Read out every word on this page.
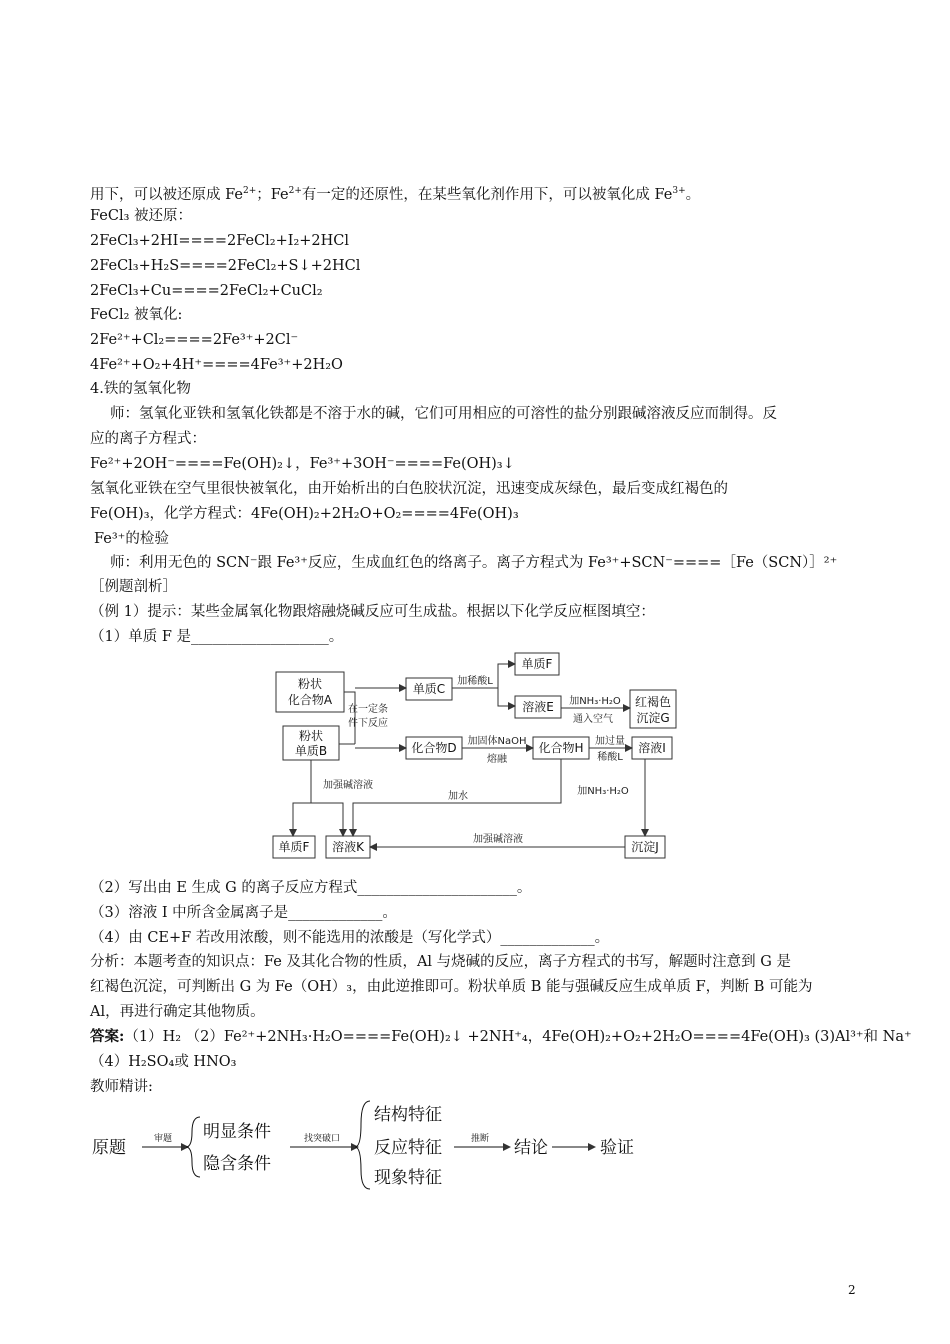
用下，可以被还原成 $Fe^{2+}$；$Fe^{2+}$有一定的还原性，在某些氧化剂作用下，可以被氧化成 $Fe^{3+}$。
FeCl₃ 被还原：
2FeCl₃+2HI====2FeCl₂+I₂+2HCl
2FeCl₃+H₂S====2FeCl₂+S↓+2HCl
2FeCl₃+Cu====2FeCl₂+CuCl₂
FeCl₂ 被氧化:
2Fe²⁺+Cl₂====2Fe³⁺+2Cl⁻
4Fe²⁺+O₂+4H⁺====4Fe³⁺+2H₂O
4.铁的氢氧化物
师：氢氧化亚铁和氢氧化铁都是不溶于水的碱，它们可用相应的可溶性的盐分别跟碱溶液反应而制得。反
应的离子方程式：
Fe²⁺+2OH⁻====Fe(OH)₂↓，Fe³⁺+3OH⁻====Fe(OH)₃↓
氢氧化亚铁在空气里很快被氧化，由开始析出的白色胶状沉淀，迅速变成灰绿色，最后变成红褐色的
Fe(OH)₃，化学方程式：4Fe(OH)₂+2H₂O+O₂====4Fe(OH)₃
Fe³⁺的检验
师：利用无色的 SCN⁻跟 Fe³⁺反应，生成血红色的络离子。离子方程式为 Fe³⁺+SCN⁻====［Fe（SCN）］²⁺
［例题剖析］
（例 1）提示：某些金属氧化物跟熔融烧碱反应可生成盐。根据以下化学反应框图填空：
（1）单质 F 是___________________。
粉状化合物A
粉状单质B
单质C
化合物D
单质F
溶液E	红褐色沉淀G
化合物H	溶液I
沉淀J
溶液K
单质F
在一定条件下反应
加稀酸L
加NH₃·H₂O
通入空气
加固体NaOH
熔融
加过量
稀酸L
加强碱溶液
加水	加NH₃·H₂O
加强碱溶液
（2）写出由 E 生成 G 的离子反应方程式______________________。
（3）溶液 I 中所含金属离子是_____________。
（4）由 CE+F 若改用浓酸，则不能选用的浓酸是（写化学式）_____________。
分析：本题考查的知识点：Fe 及其化合物的性质，Al 与烧碱的反应，离子方程式的书写，解题时注意到 G 是
红褐色沉淀，可判断出 G 为 Fe（OH）₃，由此逆推即可。粉状单质 B 能与强碱反应生成单质 F，判断 B 可能为
Al，再进行确定其他物质。
答案:（1）H₂ （2）Fe²⁺+2NH₃·H₂O====Fe(OH)₂↓ +2NH⁺₄，4Fe(OH)₂+O₂+2H₂O====4Fe(OH)₃ (3)Al³⁺和 Na⁺
（4）H₂SO₄或 HNO₃
教师精讲:
原题
明显条件
隐含条件
结构特征
反应特征
现象特征
结论	验证
审题	找突破口	推断
2
